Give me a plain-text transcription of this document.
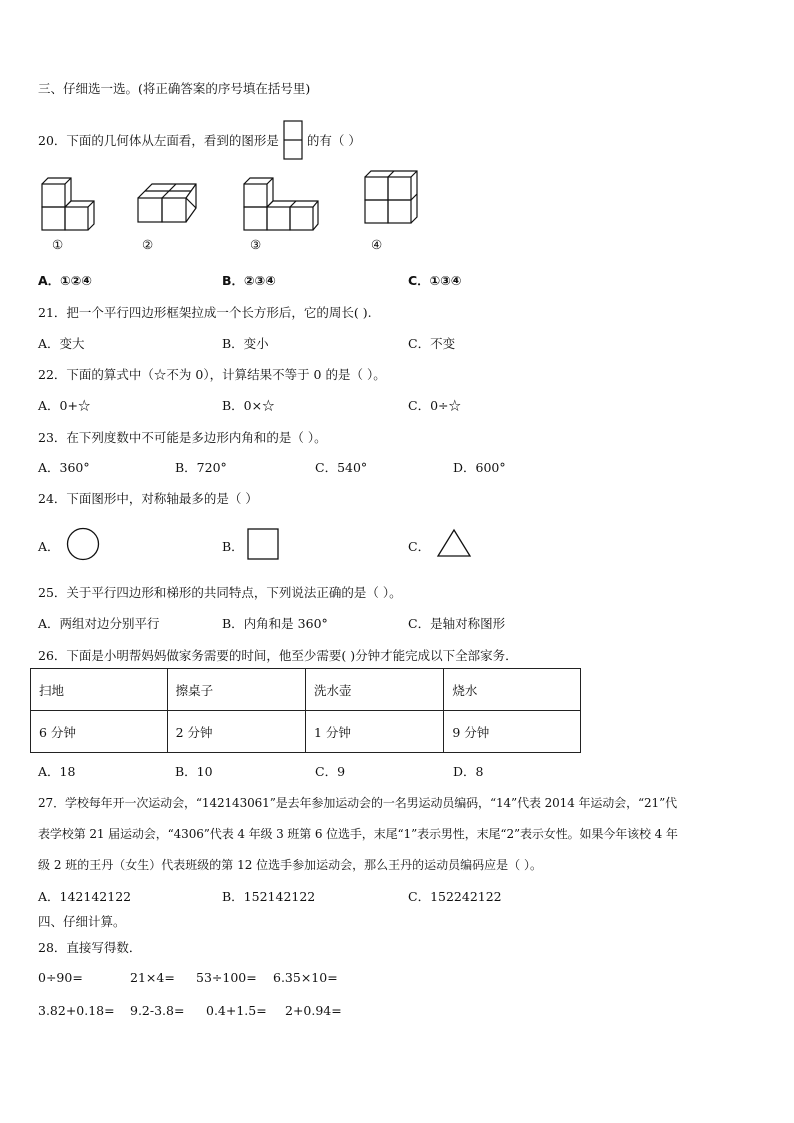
三、仔细选一选。(将正确答案的序号填在括号里)
20．下面的几何体从左面看，看到的图形是 的有（ ）
①	②	③	④
A．①②④	B．②③④	C．①③④
21．把一个平行四边形框架拉成一个长方形后，它的周长( ).
A．变大	B．变小	C．不变
22．下面的算式中（☆不为 0），计算结果不等于 0 的是（ ）。
A．0+☆	B．0×☆	C．0÷☆
23．在下列度数中不可能是多边形内角和的是（ ）。
A．360°	B．720°	C．540°	D．600°
24．下面图形中，对称轴最多的是（ ）
A．	B．	C．
25．关于平行四边形和梯形的共同特点，下列说法正确的是（ ）。
A．两组对边分别平行	B．内角和是 360°	C．是轴对称图形
26．下面是小明帮妈妈做家务需要的时间，他至少需要( )分钟才能完成以下全部家务．
扫地	擦桌子	洗水壶	烧水
6 分钟	2 分钟	1 分钟	9 分钟
A．18	B．10	C．9	D．8
27．学校每年开一次运动会，“142143061”是去年参加运动会的一名男运动员编码，“14”代表 2014 年运动会，“21”代
表学校第 21 届运动会，“4306”代表 4 年级 3 班第 6 位选手，末尾“1”表示男性，末尾“2”表示女性。如果今年该校 4 年
级 2 班的王丹（女生）代表班级的第 12 位选手参加运动会，那么王丹的运动员编码应是（ ）。
A．142142122	B．152142122	C．152242122
四、仔细计算。
28．直接写得数．
0÷90=	21×4= 53÷100= 6.35×10=
3.82+0.18= 9.2-3.8= 0.4+1.5= 2+0.94=
